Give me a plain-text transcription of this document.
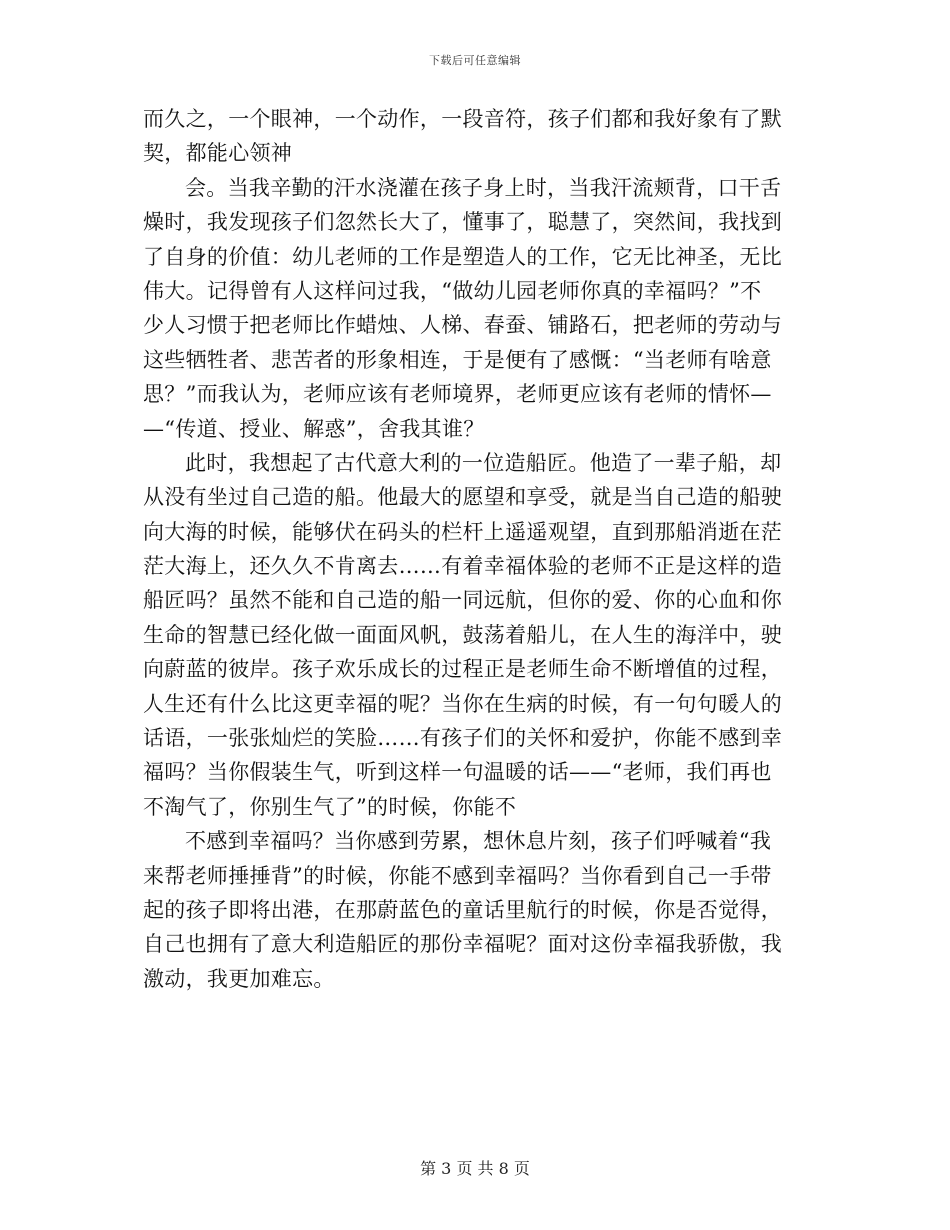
下载后可任意编辑
而久之，一个眼神，一个动作，一段音符，孩子们都和我好象有了默
契，都能心领神
会。当我辛勤的汗水浇灌在孩子身上时，当我汗流颊背，口干舌
燥时，我发现孩子们忽然长大了，懂事了，聪慧了，突然间，我找到
了自身的价值：幼儿老师的工作是塑造人的工作，它无比神圣，无比
伟大。记得曾有人这样问过我，“做幼儿园老师你真的幸福吗？”不
少人习惯于把老师比作蜡烛、人梯、春蚕、铺路石，把老师的劳动与
这些牺牲者、悲苦者的形象相连，于是便有了感慨：“当老师有啥意
思？”而我认为，老师应该有老师境界，老师更应该有老师的情怀—
—“传道、授业、解惑”，舍我其谁？
此时，我想起了古代意大利的一位造船匠。他造了一辈子船，却
从没有坐过自己造的船。他最大的愿望和享受，就是当自己造的船驶
向大海的时候，能够伏在码头的栏杆上遥遥观望，直到那船消逝在茫
茫大海上，还久久不肯离去……有着幸福体验的老师不正是这样的造
船匠吗？虽然不能和自己造的船一同远航，但你的爱、你的心血和你
生命的智慧已经化做一面面风帆，鼓荡着船儿，在人生的海洋中，驶
向蔚蓝的彼岸。孩子欢乐成长的过程正是老师生命不断增值的过程，
人生还有什么比这更幸福的呢？当你在生病的时候，有一句句暖人的
话语，一张张灿烂的笑脸……有孩子们的关怀和爱护，你能不感到幸
福吗？当你假装生气，听到这样一句温暖的话——“老师，我们再也
不淘气了，你别生气了”的时候，你能不
不感到幸福吗？当你感到劳累，想休息片刻，孩子们呼喊着“我
来帮老师捶捶背”的时候，你能不感到幸福吗？当你看到自己一手带
起的孩子即将出港，在那蔚蓝色的童话里航行的时候，你是否觉得，
自己也拥有了意大利造船匠的那份幸福呢？面对这份幸福我骄傲，我
激动，我更加难忘。
第 3 页 共 8 页
